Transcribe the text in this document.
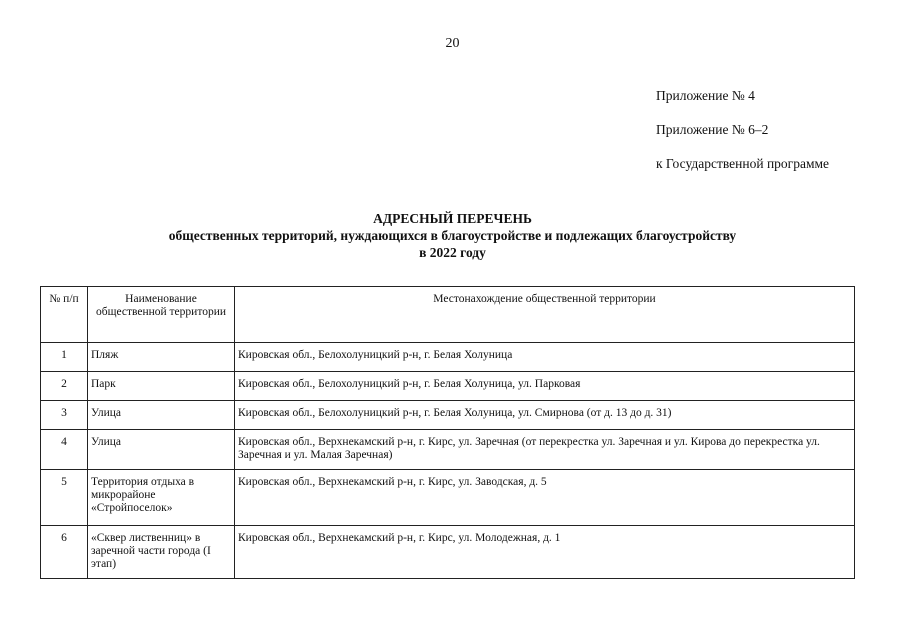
20
Приложение № 4
Приложение № 6–2
к Государственной программе
АДРЕСНЫЙ ПЕРЕЧЕНЬ
общественных территорий, нуждающихся в благоустройстве и подлежащих благоустройству
в 2022 году
№ п/п	Наименование общественной территории	Местонахождение общественной территории
1	Пляж	Кировская обл., Белохолуницкий р-н, г. Белая Холуница
2	Парк	Кировская обл., Белохолуницкий р-н, г. Белая Холуница, ул. Парковая
3	Улица	Кировская обл., Белохолуницкий р-н, г. Белая Холуница, ул. Смирнова (от д. 13 до д. 31)
4	Улица	Кировская обл., Верхнекамский р-н, г. Кирс, ул. Заречная (от перекрестка ул. Заречная и ул. Кирова до перекрестка ул. Заречная и ул. Малая Заречная)
5	Территория отдыха в микрорайоне «Стройпоселок»	Кировская обл., Верхнекамский р-н, г. Кирс, ул. Заводская, д. 5
6	«Сквер лиственниц» в заречной части города (I этап)	Кировская обл., Верхнекамский р-н, г. Кирс, ул. Молодежная, д. 1
